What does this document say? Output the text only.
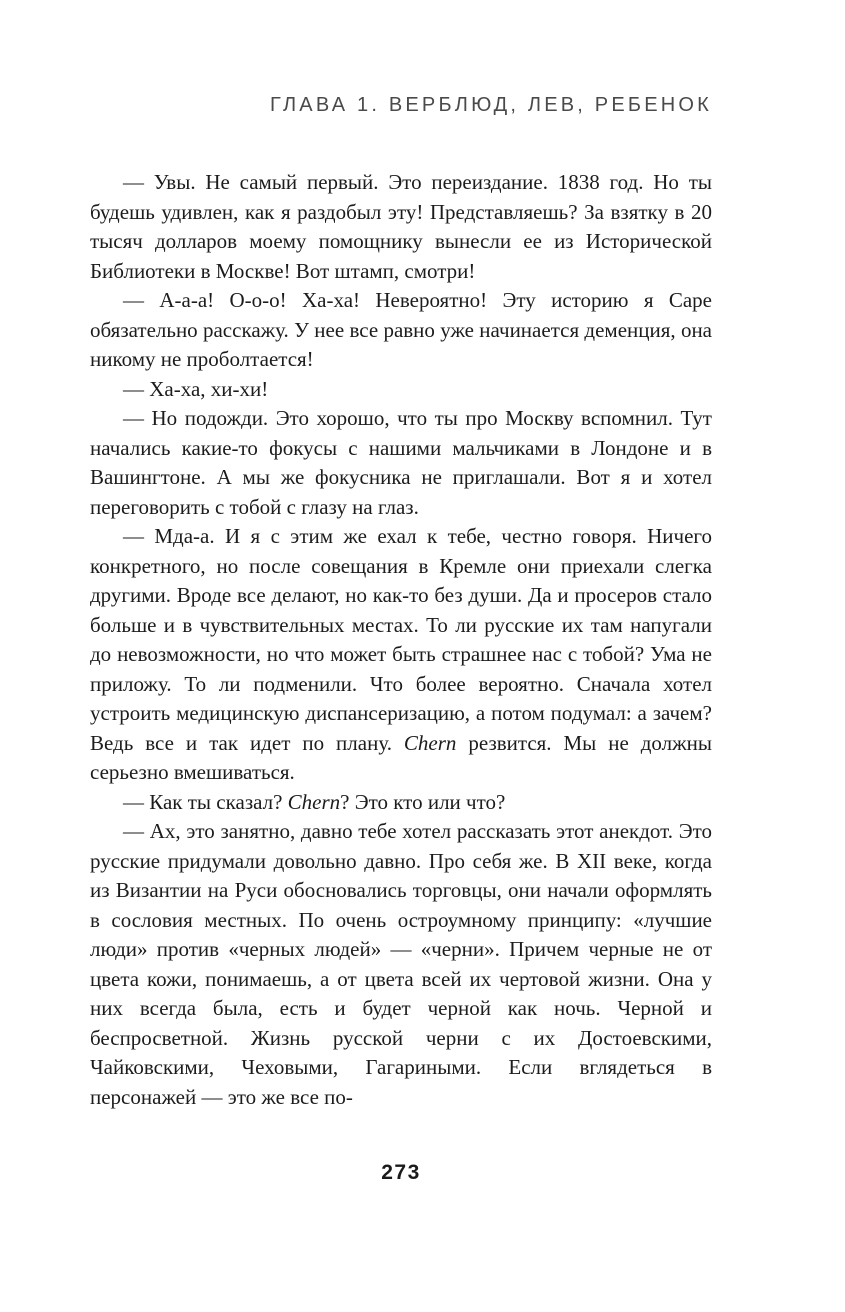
ГЛАВА 1. ВЕРБЛЮД, ЛЕВ, РЕБЕНОК

— Увы. Не самый первый. Это переиздание. 1838 год. Но ты будешь удивлен, как я раздобыл эту! Представляешь? За взятку в 20 тысяч долларов моему помощнику вынесли ее из Исторической Библиотеки в Москве! Вот штамп, смотри!

— А-а-а! О-о-о! Ха-ха! Невероятно! Эту историю я Саре обязательно расскажу. У нее все равно уже начинается деменция, она никому не проболтается!

— Ха-ха, хи-хи!

— Но подожди. Это хорошо, что ты про Москву вспомнил. Тут начались какие-то фокусы с нашими мальчиками в Лондоне и в Вашингтоне. А мы же фокусника не приглашали. Вот я и хотел переговорить с тобой с глазу на глаз.

— Мда-а. И я с этим же ехал к тебе, честно говоря. Ничего конкретного, но после совещания в Кремле они приехали слегка другими. Вроде все делают, но как-то без души. Да и просеров стало больше и в чувствительных местах. То ли русские их там напугали до невозможности, но что может быть страшнее нас с тобой? Ума не приложу. То ли подменили. Что более вероятно. Сначала хотел устроить медицинскую диспансеризацию, а потом подумал: а зачем? Ведь все и так идет по плану. Chern резвится. Мы не должны серьезно вмешиваться.

— Как ты сказал? Chern? Это кто или что?

— Ах, это занятно, давно тебе хотел рассказать этот анекдот. Это русские придумали довольно давно. Про себя же. В XII веке, когда из Византии на Руси обосновались торговцы, они начали оформлять в сословия местных. По очень остроумному принципу: «лучшие люди» против «черных людей» — «черни». Причем черные не от цвета кожи, понимаешь, а от цвета всей их чертовой жизни. Она у них всегда была, есть и будет черной как ночь. Черной и беспросветной. Жизнь русской черни с их Достоевскими, Чайковскими, Чеховыми, Гагариными. Если вглядеться в персонажей — это же все по-

273
